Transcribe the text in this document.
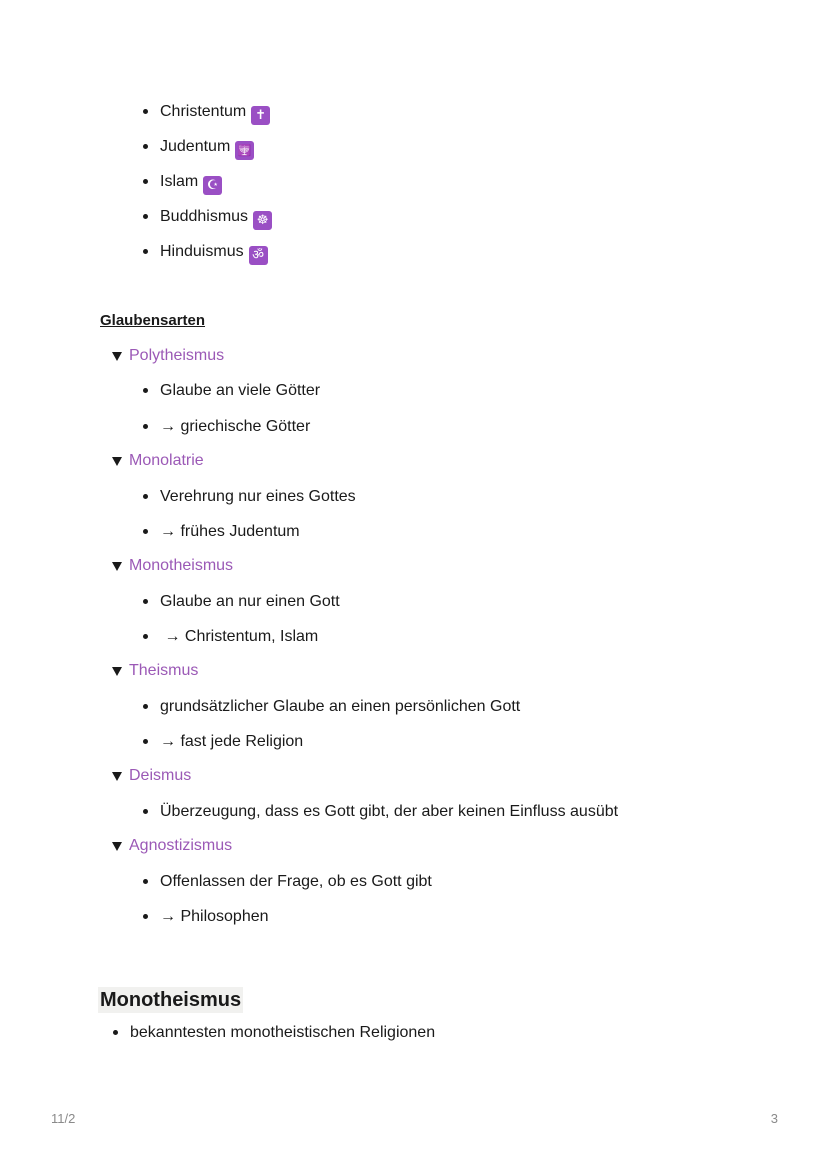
Christentum ✝
Judentum 🕎
Islam ☪
Buddhismus ☸
Hinduismus ॐ
Glaubensarten
Polytheismus
Glaube an viele Götter
→ griechische Götter
Monolatrie
Verehrung nur eines Gottes
→ frühes Judentum
Monotheismus
Glaube an nur einen Gott
→ Christentum, Islam
Theismus
grundsätzlicher Glaube an einen persönlichen Gott
→ fast jede Religion
Deismus
Überzeugung, dass es Gott gibt, der aber keinen Einfluss ausübt
Agnostizismus
Offenlassen der Frage, ob es Gott gibt
→ Philosophen
Monotheismus
bekanntesten monotheistischen Religionen
11/2	3
